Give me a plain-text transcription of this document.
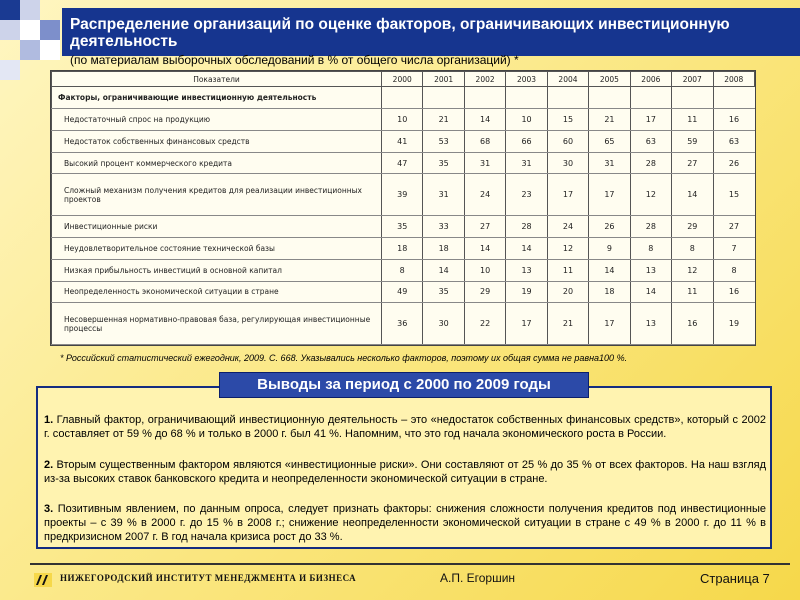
Распределение организаций по оценке факторов, ограничивающих инвестиционную деятельность
(по материалам выборочных обследований в % от общего числа организаций) *
Показатели	2000	2001	2002	2003	2004	2005	2006	2007	2008
Факторы, ограничивающие инвестиционную деятельность									
Недостаточный спрос на продукцию	10	21	14	10	15	21	17	11	16
Недостаток собственных финансовых средств	41	53	68	66	60	65	63	59	63
Высокий процент коммерческого кредита	47	35	31	31	30	31	28	27	26
Сложный механизм получения кредитов для реализации инвестиционных проектов	39	31	24	23	17	17	12	14	15
Инвестиционные риски	35	33	27	28	24	26	28	29	27
Неудовлетворительное состояние технической базы	18	18	14	14	12	9	8	8	7
Низкая прибыльность инвестиций в основной капитал	8	14	10	13	11	14	13	12	8
Неопределенность экономической ситуации в стране	49	35	29	19	20	18	14	11	16
Несовершенная нормативно-правовая база, регулирующая инвестиционные процессы	36	30	22	17	21	17	13	16	19
* Российский статистический ежегодник, 2009. С. 668. Указывались несколько факторов, поэтому их общая сумма не равна100 %.
Выводы за период с 2000 по 2009 годы
1. Главный фактор, ограничивающий инвестиционную деятельность – это «недостаток собственных финансовых средств», который с 2002 г. составляет от 59 % до 68 % и только в 2000 г. был 41 %. Напомним, что это год начала экономического роста в России.
2. Вторым существенным фактором являются «инвестиционные риски». Они составляют от 25 % до 35 % от всех факторов. На наш взгляд из-за высоких ставок банковского кредита и неопределенности экономической ситуации в стране.
3. Позитивным явлением, по данным опроса, следует признать факторы: снижения сложности получения кредитов под инвестиционные проекты – с 39 % в 2000 г. до 15 % в 2008 г.; снижение неопределенности экономической ситуации в стране с 49 % в 2000 г. до 11 % в предкризисном 2007 г. В год начала кризиса рост до 33 %.
НИЖЕГОРОДСКИЙ ИНСТИТУТ МЕНЕДЖМЕНТА И БИЗНЕСА	А.П. Егоршин	Страница 7
